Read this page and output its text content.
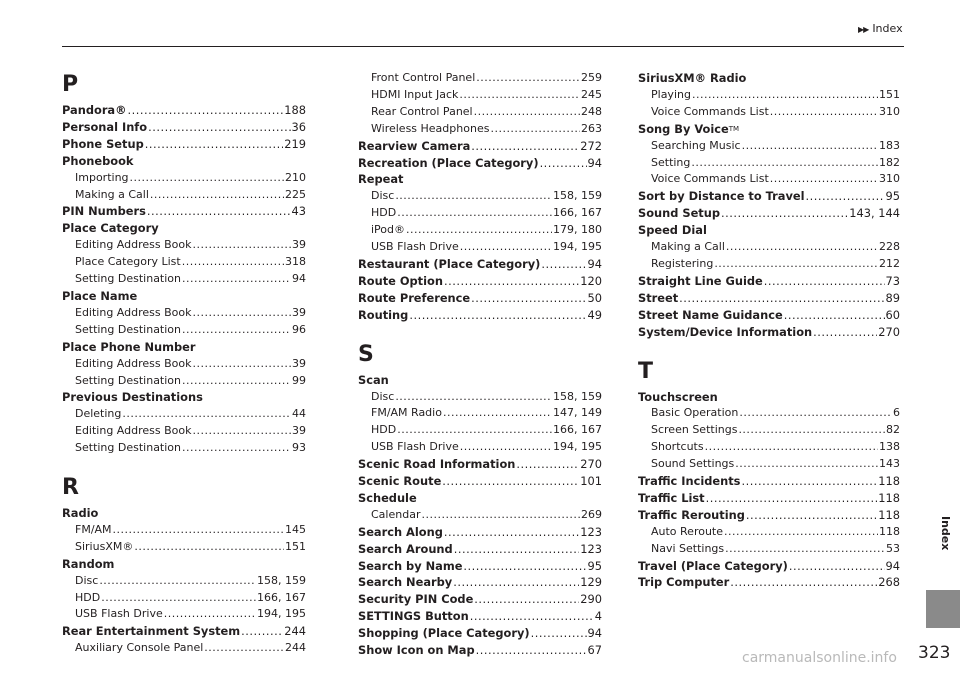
▶▶ Index
Index
323
P
Pandora® .....	188
Personal Info .....	36
Phone Setup .....	219
Phonebook
Importing .....	210
Making a Call .....	225
PIN Numbers .....	43
Place Category
Editing Address Book .....	39
Place Category List .....	318
Setting Destination .....	94
Place Name
Editing Address Book .....	39
Setting Destination .....	96
Place Phone Number
Editing Address Book .....	39
Setting Destination .....	99
Previous Destinations
Deleting .....	44
Editing Address Book .....	39
Setting Destination .....	93
R
Radio
FM/AM .....	145
SiriusXM® .....	151
Random
Disc .....	158, 159
HDD .....	166, 167
USB Flash Drive .....	194, 195
Rear Entertainment System .....	244
Auxiliary Console Panel .....	244
Front Control Panel .....	259
HDMI Input Jack .....	245
Rear Control Panel .....	248
Wireless Headphones .....	263
Rearview Camera .....	272
Recreation (Place Category) .....	94
Repeat
Disc .....	158, 159
HDD .....	166, 167
iPod® .....	179, 180
USB Flash Drive .....	194, 195
Restaurant (Place Category) .....	94
Route Option .....	120
Route Preference .....	50
Routing .....	49
S
Scan
Disc .....	158, 159
FM/AM Radio .....	147, 149
HDD .....	166, 167
USB Flash Drive .....	194, 195
Scenic Road Information .....	270
Scenic Route .....	101
Schedule
Calendar .....	269
Search Along .....	123
Search Around .....	123
Search by Name .....	95
Search Nearby .....	129
Security PIN Code .....	290
SETTINGS Button .....	4
Shopping (Place Category) .....	94
Show Icon on Map .....	67
SiriusXM® Radio
Playing .....	151
Voice Commands List .....	310
Song By Voice TM
Searching Music .....	183
Setting .....	182
Voice Commands List .....	310
Sort by Distance to Travel .....	95
Sound Setup .....	143, 144
Speed Dial
Making a Call .....	228
Registering .....	212
Straight Line Guide .....	73
Street .....	89
Street Name Guidance .....	60
System/Device Information .....	270
T
Touchscreen
Basic Operation .....	6
Screen Settings .....	82
Shortcuts .....	138
Sound Settings .....	143
Traffic Incidents .....	118
Traffic List .....	118
Traffic Rerouting .....	118
Auto Reroute .....	118
Navi Settings .....	53
Travel (Place Category) .....	94
Trip Computer .....	268
carmanualsonline.info
